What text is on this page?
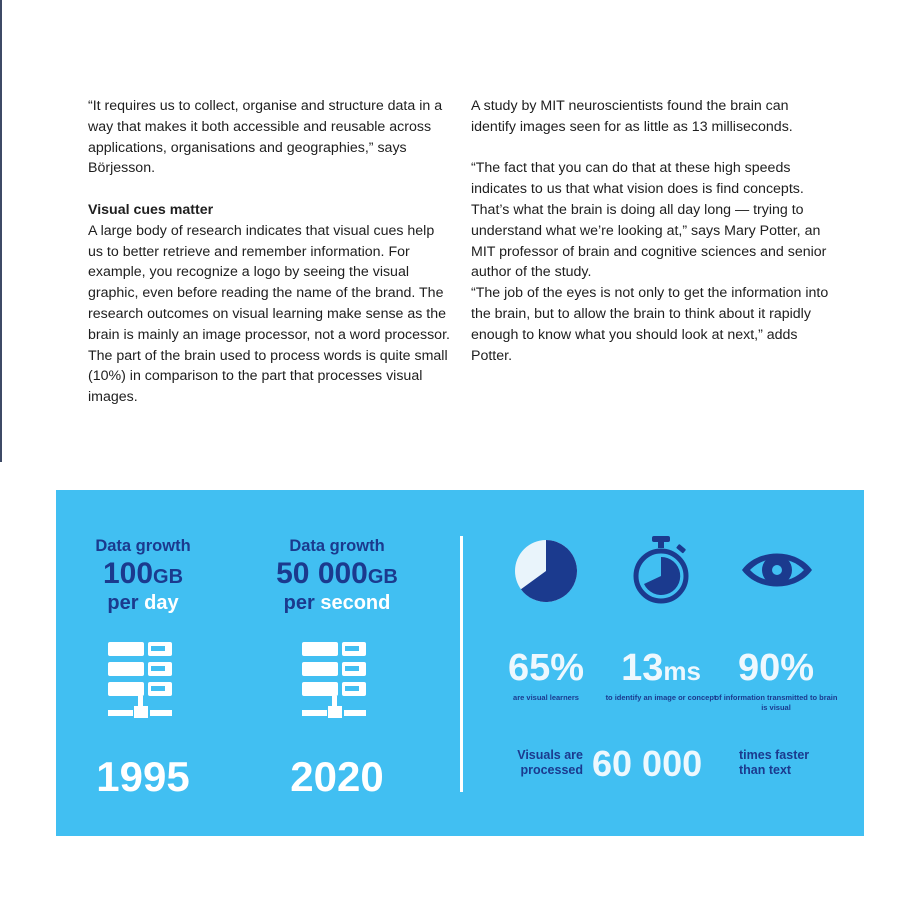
“It requires us to collect, organise and structure data in a way that makes it both accessible and reusable across applications, organisations and geographies,” says Börjesson.

Visual cues matter

A large body of research indicates that visual cues help us to better retrieve and remember information. For example, you recognize a logo by seeing the visual graphic, even before reading the name of the brand. The research outcomes on visual learning make sense as the brain is mainly an image processor, not a word processor.

The part of the brain used to process words is quite small (10%) in comparison to the part that processes visual images.

A study by MIT neuroscientists found the brain can identify images seen for as little as 13 milliseconds.

“The fact that you can do that at these high speeds indicates to us that what vision does is find concepts. That’s what the brain is doing all day long — trying to understand what we’re looking at,” says Mary Potter, an MIT professor of brain and cognitive sciences and senior author of the study.

“The job of the eyes is not only to get the information into the brain, but to allow the brain to think about it rapidly enough to know what you should look at next,” adds Potter.

Data growth
100GB
per day
Data growth
50 000GB
per second
1995	2020
65%
are visual learners
13ms
to identify an image or concept
90%
of information transmitted to brain is visual
Visuals are processed 60 000	times faster than text
